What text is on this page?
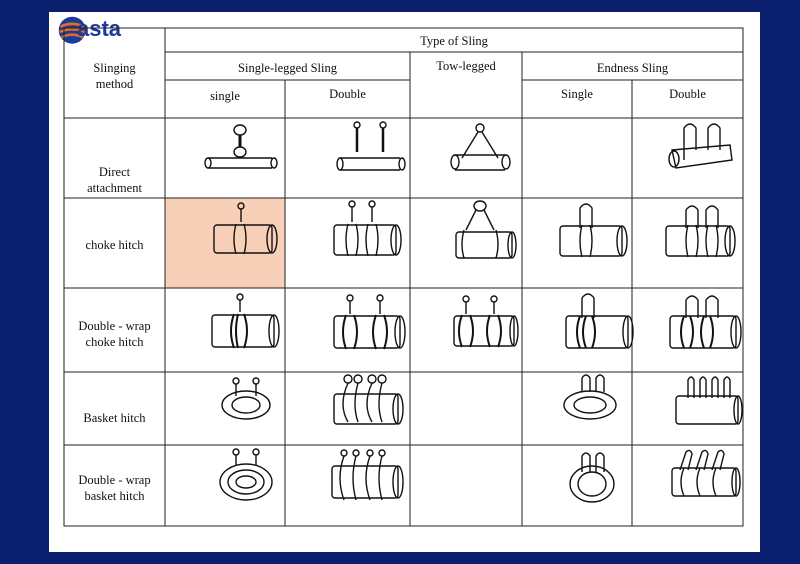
asta
Slinging
method
Type of Sling
Single-legged Sling	Tow-legged	Endness Sling
single	Double	Single	Double
Direct
attachment
choke hitch
Double - wrap
choke hitch
Basket hitch
Double - wrap
basket hitch
